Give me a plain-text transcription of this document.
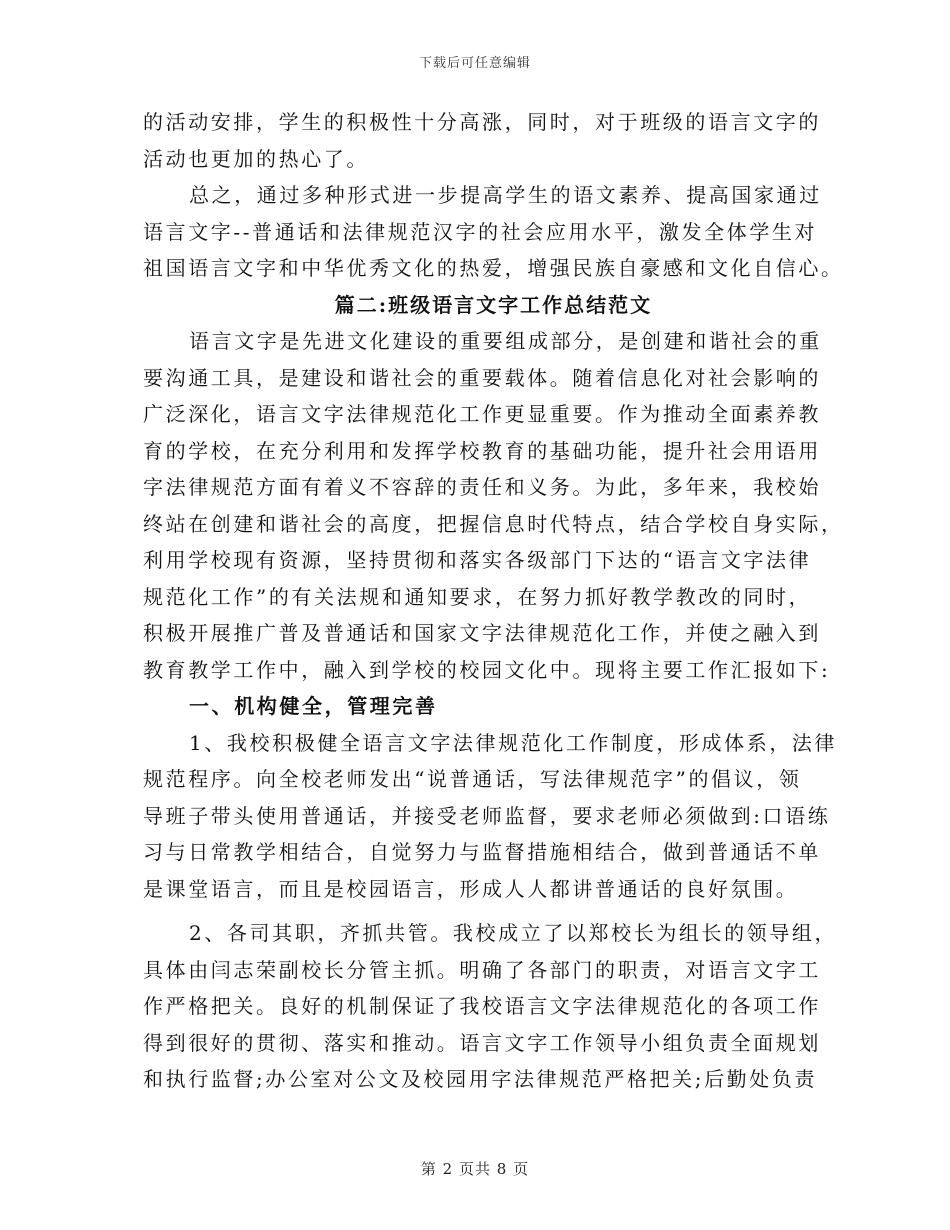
下载后可任意编辑
的活动安排，学生的积极性十分高涨，同时，对于班级的语言文字的
活动也更加的热心了。
总之，通过多种形式进一步提高学生的语文素养、提高国家通过
语言文字--普通话和法律规范汉字的社会应用水平，激发全体学生对
祖国语言文字和中华优秀文化的热爱，增强民族自豪感和文化自信心。
篇二:班级语言文字工作总结范文
语言文字是先进文化建设的重要组成部分，是创建和谐社会的重
要沟通工具，是建设和谐社会的重要载体。随着信息化对社会影响的
广泛深化，语言文字法律规范化工作更显重要。作为推动全面素养教
育的学校，在充分利用和发挥学校教育的基础功能，提升社会用语用
字法律规范方面有着义不容辞的责任和义务。为此，多年来，我校始
终站在创建和谐社会的高度，把握信息时代特点，结合学校自身实际，
利用学校现有资源，坚持贯彻和落实各级部门下达的“语言文字法律
规范化工作”的有关法规和通知要求，在努力抓好教学教改的同时，
积极开展推广普及普通话和国家文字法律规范化工作，并使之融入到
教育教学工作中，融入到学校的校园文化中。现将主要工作汇报如下:
一、机构健全，管理完善
1、我校积极健全语言文字法律规范化工作制度，形成体系，法律
规范程序。向全校老师发出“说普通话，写法律规范字”的倡议，领
导班子带头使用普通话，并接受老师监督，要求老师必须做到:口语练
习与日常教学相结合，自觉努力与监督措施相结合，做到普通话不单
是课堂语言，而且是校园语言，形成人人都讲普通话的良好氛围。
2、各司其职，齐抓共管。我校成立了以郑校长为组长的领导组，
具体由闫志荣副校长分管主抓。明确了各部门的职责，对语言文字工
作严格把关。良好的机制保证了我校语言文字法律规范化的各项工作
得到很好的贯彻、落实和推动。语言文字工作领导小组负责全面规划
和执行监督;办公室对公文及校园用字法律规范严格把关;后勤处负责
第 2 页共 8 页
